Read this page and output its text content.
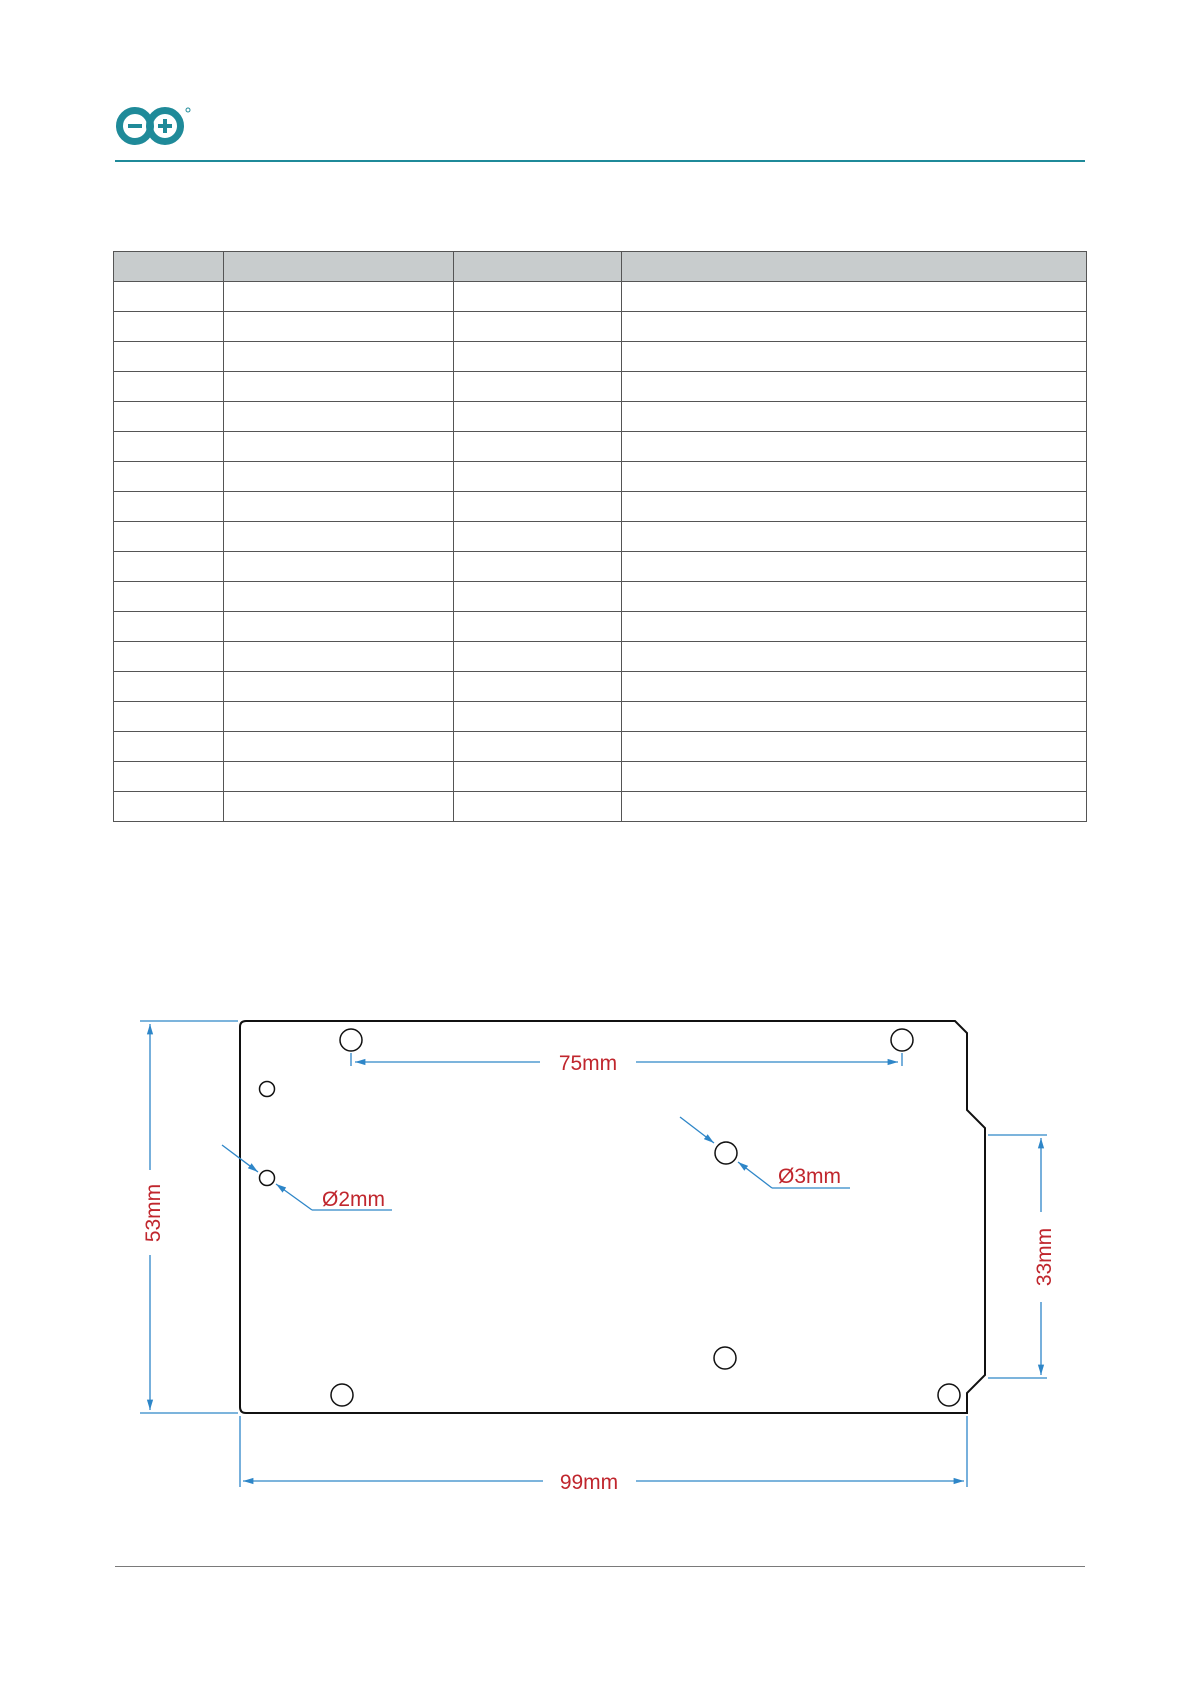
75mm
Ø2mm
Ø3mm
53mm
33mm
99mm
